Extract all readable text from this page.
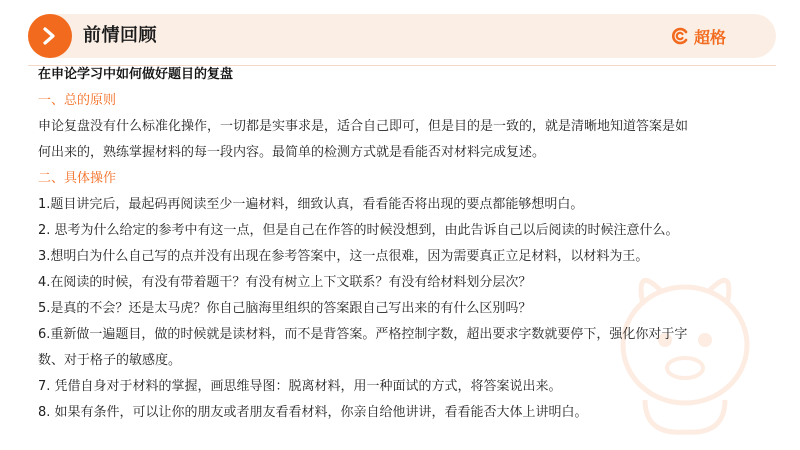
前情回顾	超格
在申论学习中如何做好题目的复盘
一、总的原则
申论复盘没有什么标准化操作，一切都是实事求是，适合自己即可，但是目的是一致的，就是清晰地知道答案是如
何出来的，熟练掌握材料的每一段内容。最简单的检测方式就是看能否对材料完成复述。
二、具体操作
1.题目讲完后，最起码再阅读至少一遍材料，细致认真，看看能否将出现的要点都能够想明白。
2. 思考为什么给定的参考中有这一点，但是自己在作答的时候没想到，由此告诉自己以后阅读的时候注意什么。
3.想明白为什么自己写的点并没有出现在参考答案中，这一点很难，因为需要真正立足材料，以材料为王。
4.在阅读的时候，有没有带着题干？有没有树立上下文联系？有没有给材料划分层次？
5.是真的不会？还是太马虎？你自己脑海里组织的答案跟自己写出来的有什么区别吗？
6.重新做一遍题目，做的时候就是读材料，而不是背答案。严格控制字数，超出要求字数就要停下，强化你对于字
数、对于格子的敏感度。
7. 凭借自身对于材料的掌握，画思维导图：脱离材料，用一种面试的方式，将答案说出来。
8. 如果有条件，可以让你的朋友或者朋友看看材料，你亲自给他讲讲，看看能否大体上讲明白。
